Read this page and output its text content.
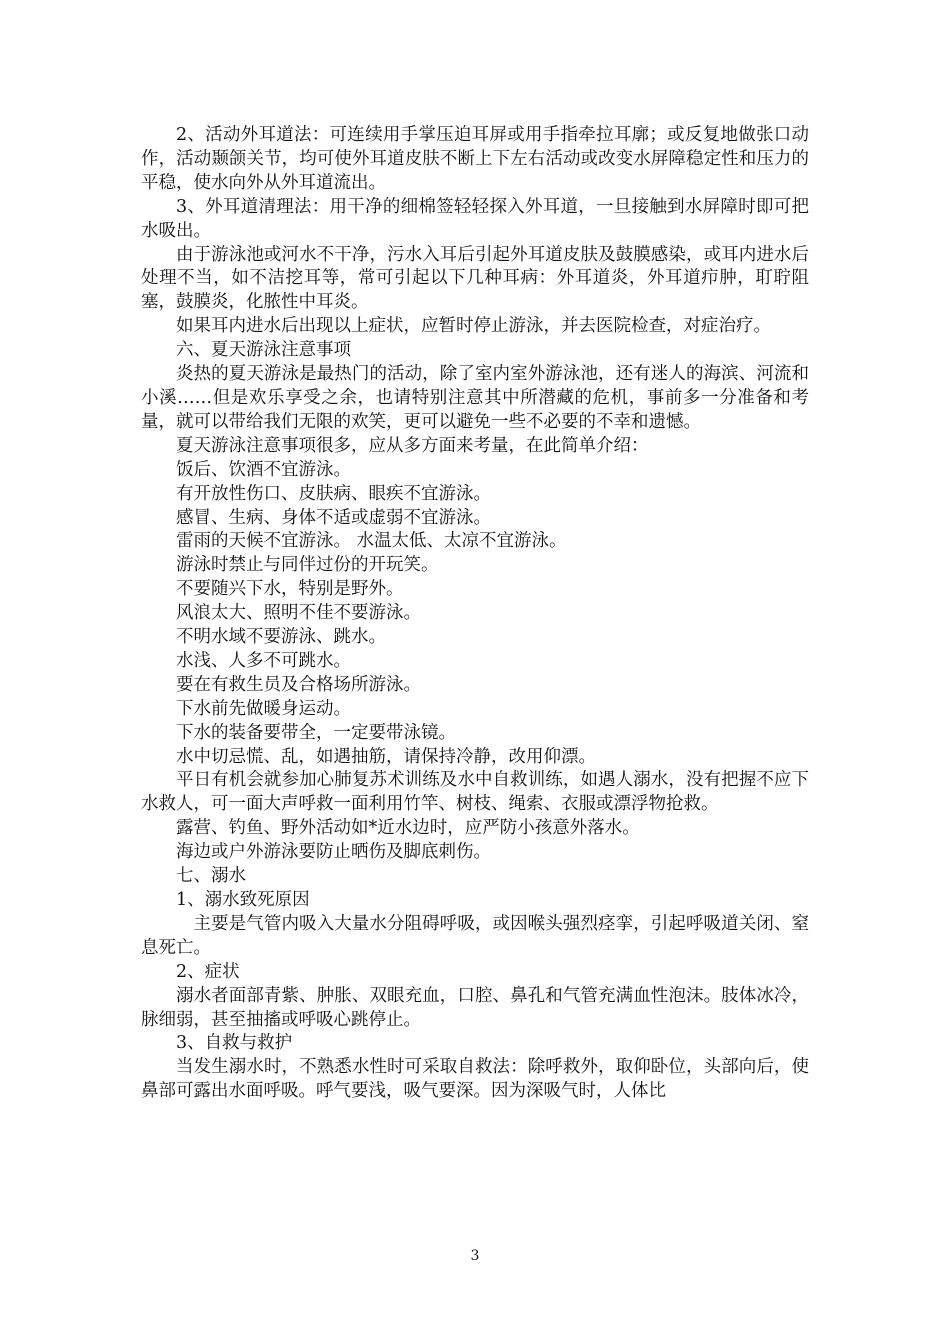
2、活动外耳道法：可连续用手掌压迫耳屏或用手指牵拉耳廓；或反复地做张口动作，活动颞颌关节，均可使外耳道皮肤不断上下左右活动或改变水屏障稳定性和压力的平稳，使水向外从外耳道流出。

3、外耳道清理法：用干净的细棉签轻轻探入外耳道，一旦接触到水屏障时即可把水吸出。

由于游泳池或河水不干净，污水入耳后引起外耳道皮肤及鼓膜感染，或耳内进水后处理不当，如不洁挖耳等，常可引起以下几种耳病：外耳道炎，外耳道疖肿，耵聍阻塞，鼓膜炎，化脓性中耳炎。

如果耳内进水后出现以上症状，应暂时停止游泳，并去医院检查，对症治疗。

六、夏天游泳注意事项

炎热的夏天游泳是最热门的活动，除了室内室外游泳池，还有迷人的海滨、河流和小溪……但是欢乐享受之余，也请特别注意其中所潜藏的危机，事前多一分准备和考量，就可以带给我们无限的欢笑，更可以避免一些不必要的不幸和遗憾。

夏天游泳注意事项很多，应从多方面来考量，在此简单介绍：

饭后、饮酒不宜游泳。

有开放性伤口、皮肤病、眼疾不宜游泳。

感冒、生病、身体不适或虚弱不宜游泳。

雷雨的天候不宜游泳。 水温太低、太凉不宜游泳。

游泳时禁止与同伴过份的开玩笑。

不要随兴下水，特别是野外。

风浪太大、照明不佳不要游泳。

不明水域不要游泳、跳水。

水浅、人多不可跳水。

要在有救生员及合格场所游泳。

下水前先做暖身运动。

下水的装备要带全，一定要带泳镜。

水中切忌慌、乱，如遇抽筋，请保持冷静，改用仰漂。

平日有机会就参加心肺复苏术训练及水中自救训练，如遇人溺水，没有把握不应下水救人，可一面大声呼救一面利用竹竿、树枝、绳索、衣服或漂浮物抢救。

露营、钓鱼、野外活动如*近水边时，应严防小孩意外落水。

海边或户外游泳要防止晒伤及脚底刺伤。

七、溺水

1、溺水致死原因

主要是气管内吸入大量水分阻碍呼吸，或因喉头强烈痉挛，引起呼吸道关闭、窒息死亡。

2、症状

溺水者面部青紫、肿胀、双眼充血，口腔、鼻孔和气管充满血性泡沫。肢体冰冷，脉细弱，甚至抽搐或呼吸心跳停止。

3、自救与救护

当发生溺水时，不熟悉水性时可采取自救法：除呼救外，取仰卧位，头部向后，使鼻部可露出水面呼吸。呼气要浅，吸气要深。因为深吸气时，人体比

3
